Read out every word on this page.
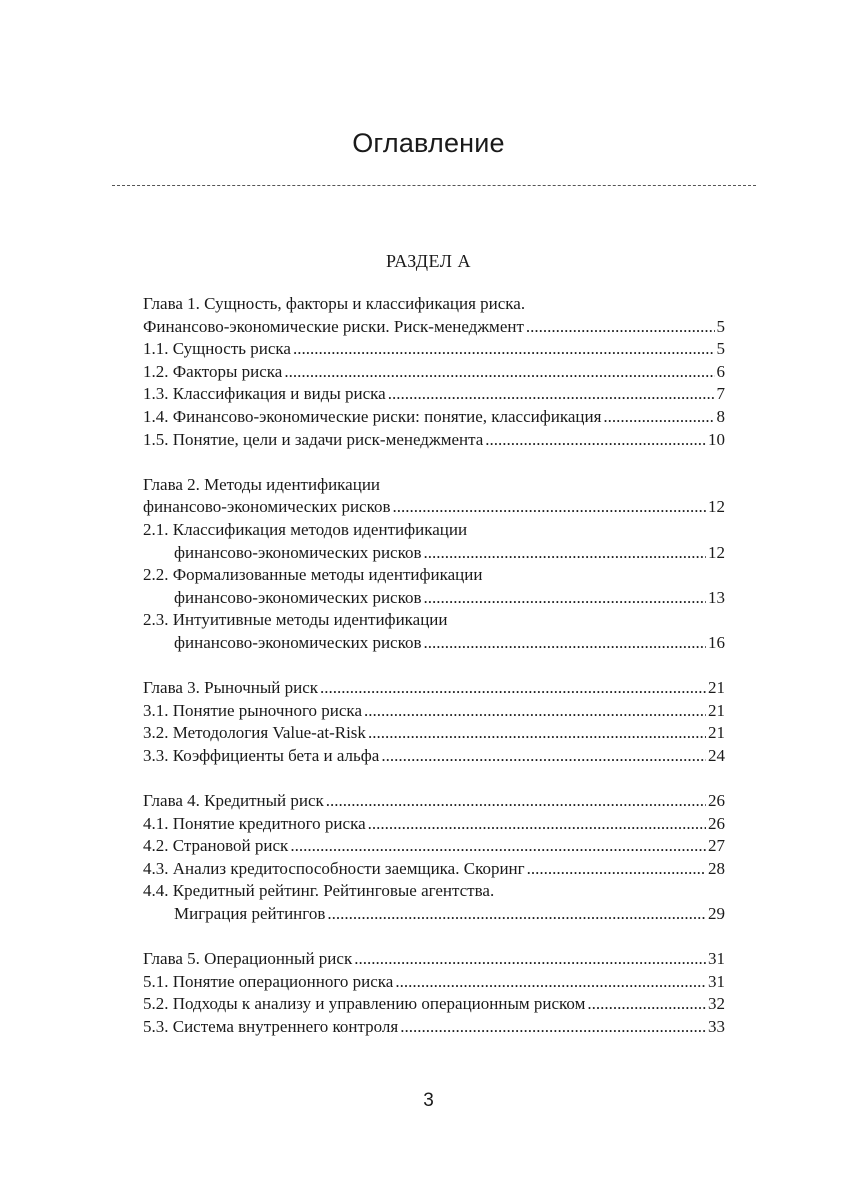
Оглавление
РАЗДЕЛ А
Глава 1. Сущность, факторы и классификация риска.
Финансово-экономические риски. Риск-менеджмент .....	5
1.1. Сущность риска .....	5
1.2. Факторы риска .....	6
1.3. Классификация и виды риска .....	7
1.4. Финансово-экономические риски: понятие, классификация .....	8
1.5. Понятие, цели и задачи риск-менеджмента .....	10
Глава 2. Методы идентификации
финансово-экономических рисков .....	12
2.1. Классификация методов идентификации
финансово-экономических рисков .....	12
2.2. Формализованные методы идентификации
финансово-экономических рисков .....	13
2.3. Интуитивные методы идентификации
финансово-экономических рисков .....	16
Глава 3. Рыночный риск .....	21
3.1. Понятие рыночного риска .....	21
3.2. Методология Value-at-Risk .....	21
3.3. Коэффициенты бета и альфа .....	24
Глава 4. Кредитный риск .....	26
4.1. Понятие кредитного риска .....	26
4.2. Страновой риск .....	27
4.3. Анализ кредитоспособности заемщика. Скоринг .....	28
4.4. Кредитный рейтинг. Рейтинговые агентства.
Миграция рейтингов .....	29
Глава 5. Операционный риск .....	31
5.1. Понятие операционного риска .....	31
5.2. Подходы к анализу и управлению операционным риском .....	32
5.3. Система внутреннего контроля .....	33
3
